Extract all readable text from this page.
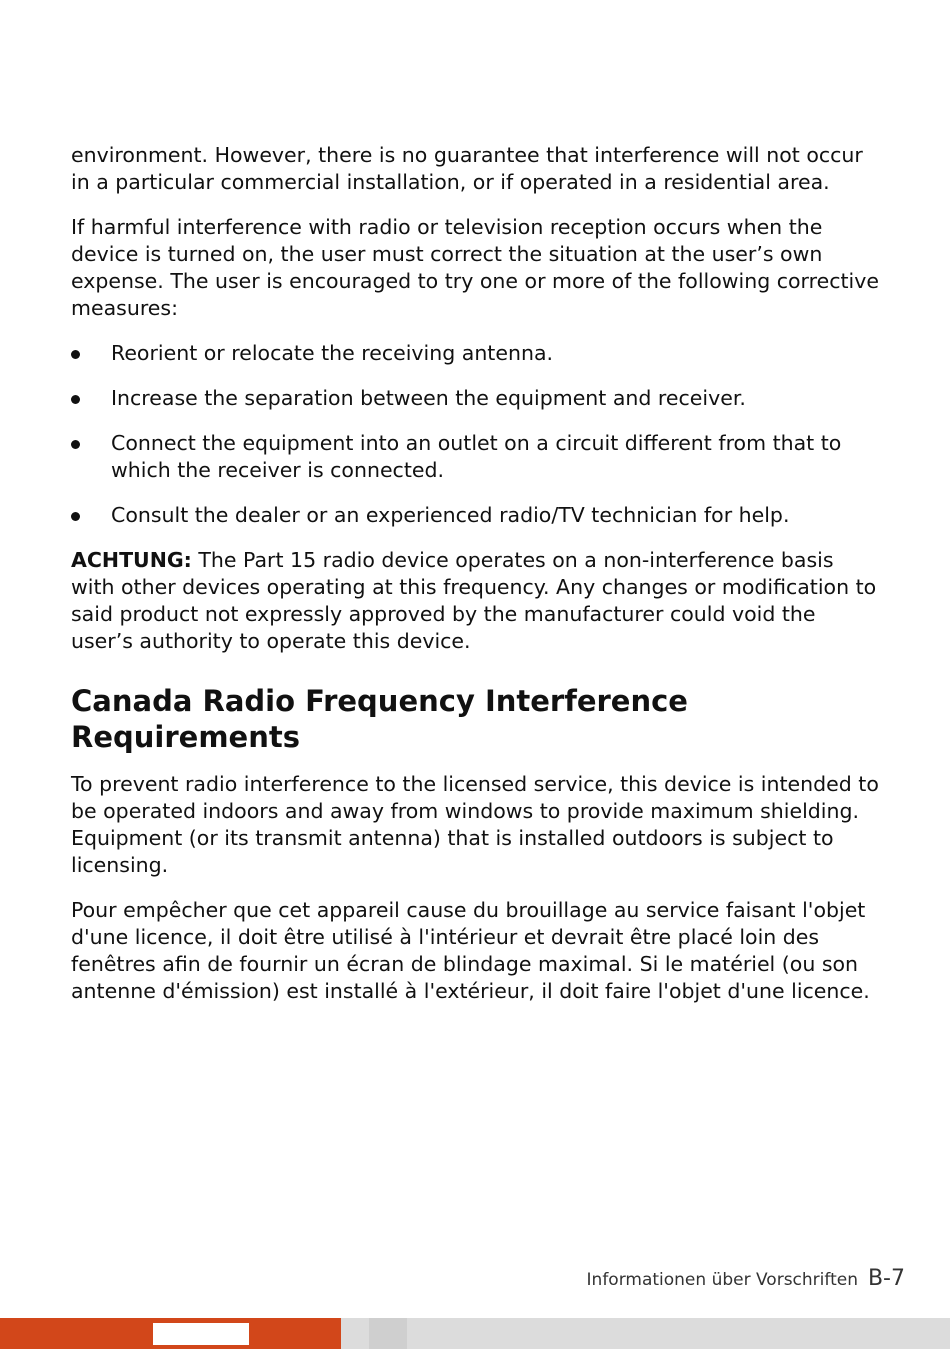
environment. However, there is no guarantee that interference will not occur in a particular commercial installation, or if operated in a residential area.

If harmful interference with radio or television reception occurs when the device is turned on, the user must correct the situation at the user’s own expense. The user is encouraged to try one or more of the following corrective measures:

Reorient or relocate the receiving antenna.
Increase the separation between the equipment and receiver.
Connect the equipment into an outlet on a circuit different from that to which the receiver is connected.
Consult the dealer or an experienced radio/TV technician for help.

ACHTUNG: The Part 15 radio device operates on a non-interference basis with other devices operating at this frequency. Any changes or modification to said product not expressly approved by the manufacturer could void the user’s authority to operate this device.

Canada Radio Frequency Interference Requirements

To prevent radio interference to the licensed service, this device is intended to be operated indoors and away from windows to provide maximum shielding. Equipment (or its transmit antenna) that is installed outdoors is subject to licensing.

Pour empêcher que cet appareil cause du brouillage au service faisant l'objet d'une licence, il doit être utilisé à l'intérieur et devrait être placé loin des fenêtres afin de fournir un écran de blindage maximal. Si le matériel (ou son antenne d'émission) est installé à l'extérieur, il doit faire l'objet d'une licence.

Informationen über Vorschriften B-7
